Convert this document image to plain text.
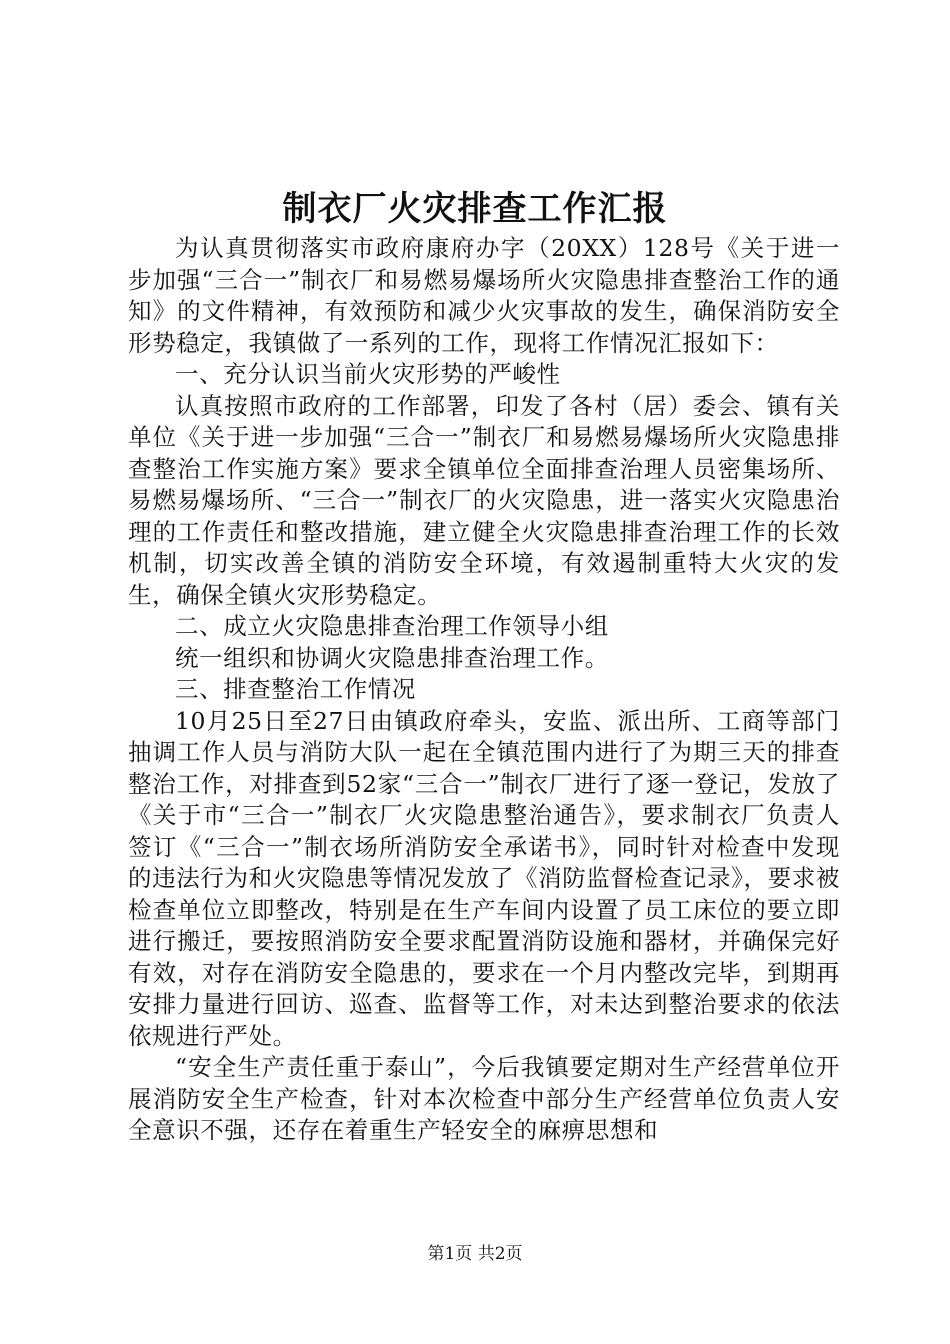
制衣厂火灾排查工作汇报

为认真贯彻落实市政府康府办字（20XX）128号《关于进一步加强“三合一”制衣厂和易燃易爆场所火灾隐患排查整治工作的通知》的文件精神，有效预防和减少火灾事故的发生，确保消防安全形势稳定，我镇做了一系列的工作，现将工作情况汇报如下：

一、充分认识当前火灾形势的严峻性

认真按照市政府的工作部署，印发了各村（居）委会、镇有关单位《关于进一步加强“三合一”制衣厂和易燃易爆场所火灾隐患排查整治工作实施方案》要求全镇单位全面排查治理人员密集场所、易燃易爆场所、“三合一”制衣厂的火灾隐患，进一落实火灾隐患治理的工作责任和整改措施，建立健全火灾隐患排查治理工作的长效机制，切实改善全镇的消防安全环境，有效遏制重特大火灾的发生，确保全镇火灾形势稳定。

二、成立火灾隐患排查治理工作领导小组

统一组织和协调火灾隐患排查治理工作。

三、排查整治工作情况

10月25日至27日由镇政府牵头，安监、派出所、工商等部门抽调工作人员与消防大队一起在全镇范围内进行了为期三天的排查整治工作，对排查到52家“三合一”制衣厂进行了逐一登记，发放了《关于市“三合一”制衣厂火灾隐患整治通告》，要求制衣厂负责人签订《“三合一”制衣场所消防安全承诺书》，同时针对检查中发现的违法行为和火灾隐患等情况发放了《消防监督检查记录》，要求被检查单位立即整改，特别是在生产车间内设置了员工床位的要立即进行搬迁，要按照消防安全要求配置消防设施和器材，并确保完好有效，对存在消防安全隐患的，要求在一个月内整改完毕，到期再安排力量进行回访、巡查、监督等工作，对未达到整治要求的依法依规进行严处。

“安全生产责任重于泰山”，今后我镇要定期对生产经营单位开展消防安全生产检查，针对本次检查中部分生产经营单位负责人安全意识不强，还存在着重生产轻安全的麻痹思想和

第1页 共2页
